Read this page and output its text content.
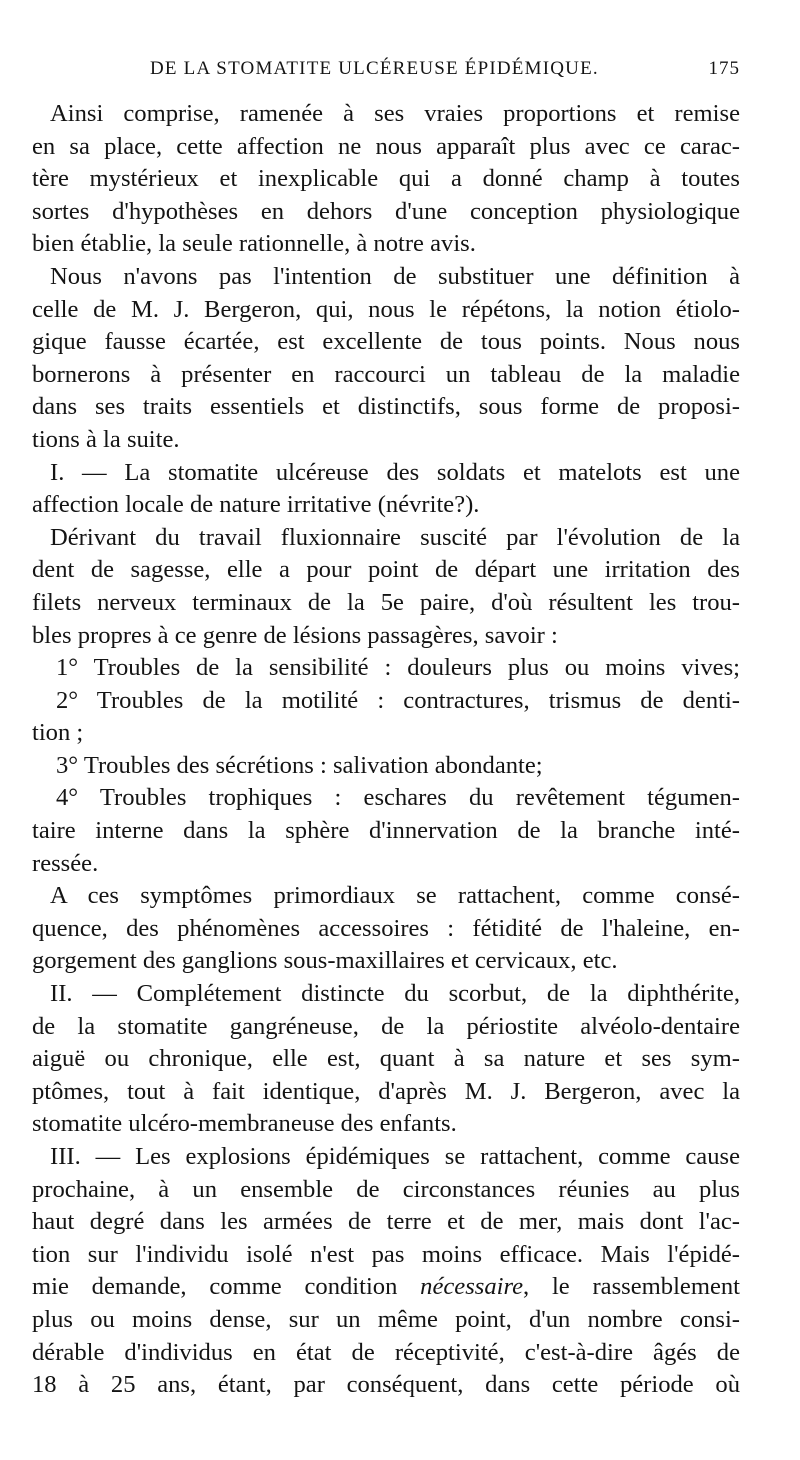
DE LA STOMATITE ULCÉREUSE ÉPIDÉMIQUE.	175
Ainsi comprise, ramenée à ses vraies proportions et remise
en sa place, cette affection ne nous apparaît plus avec ce carac-
tère mystérieux et inexplicable qui a donné champ à toutes
sortes d'hypothèses en dehors d'une conception physiologique
bien établie, la seule rationnelle, à notre avis.
Nous n'avons pas l'intention de substituer une définition à
celle de M. J. Bergeron, qui, nous le répétons, la notion étiolo-
gique fausse écartée, est excellente de tous points. Nous nous
bornerons à présenter en raccourci un tableau de la maladie
dans ses traits essentiels et distinctifs, sous forme de proposi-
tions à la suite.
I. — La stomatite ulcéreuse des soldats et matelots est une
affection locale de nature irritative (névrite?).
Dérivant du travail fluxionnaire suscité par l'évolution de la
dent de sagesse, elle a pour point de départ une irritation des
filets nerveux terminaux de la 5e paire, d'où résultent les trou-
bles propres à ce genre de lésions passagères, savoir :
1° Troubles de la sensibilité : douleurs plus ou moins vives;
2° Troubles de la motilité : contractures, trismus de denti-
tion ;
3° Troubles des sécrétions : salivation abondante;
4° Troubles trophiques : eschares du revêtement tégumen-
taire interne dans la sphère d'innervation de la branche inté-
ressée.
A ces symptômes primordiaux se rattachent, comme consé-
quence, des phénomènes accessoires : fétidité de l'haleine, en-
gorgement des ganglions sous-maxillaires et cervicaux, etc.
II. — Complétement distincte du scorbut, de la diphthérite,
de la stomatite gangréneuse, de la périostite alvéolo-dentaire
aiguë ou chronique, elle est, quant à sa nature et ses sym-
ptômes, tout à fait identique, d'après M. J. Bergeron, avec la
stomatite ulcéro-membraneuse des enfants.
III. — Les explosions épidémiques se rattachent, comme cause
prochaine, à un ensemble de circonstances réunies au plus
haut degré dans les armées de terre et de mer, mais dont l'ac-
tion sur l'individu isolé n'est pas moins efficace. Mais l'épidé-
mie demande, comme condition nécessaire, le rassemblement
plus ou moins dense, sur un même point, d'un nombre consi-
dérable d'individus en état de réceptivité, c'est-à-dire âgés de
18 à 25 ans, étant, par conséquent, dans cette période où
